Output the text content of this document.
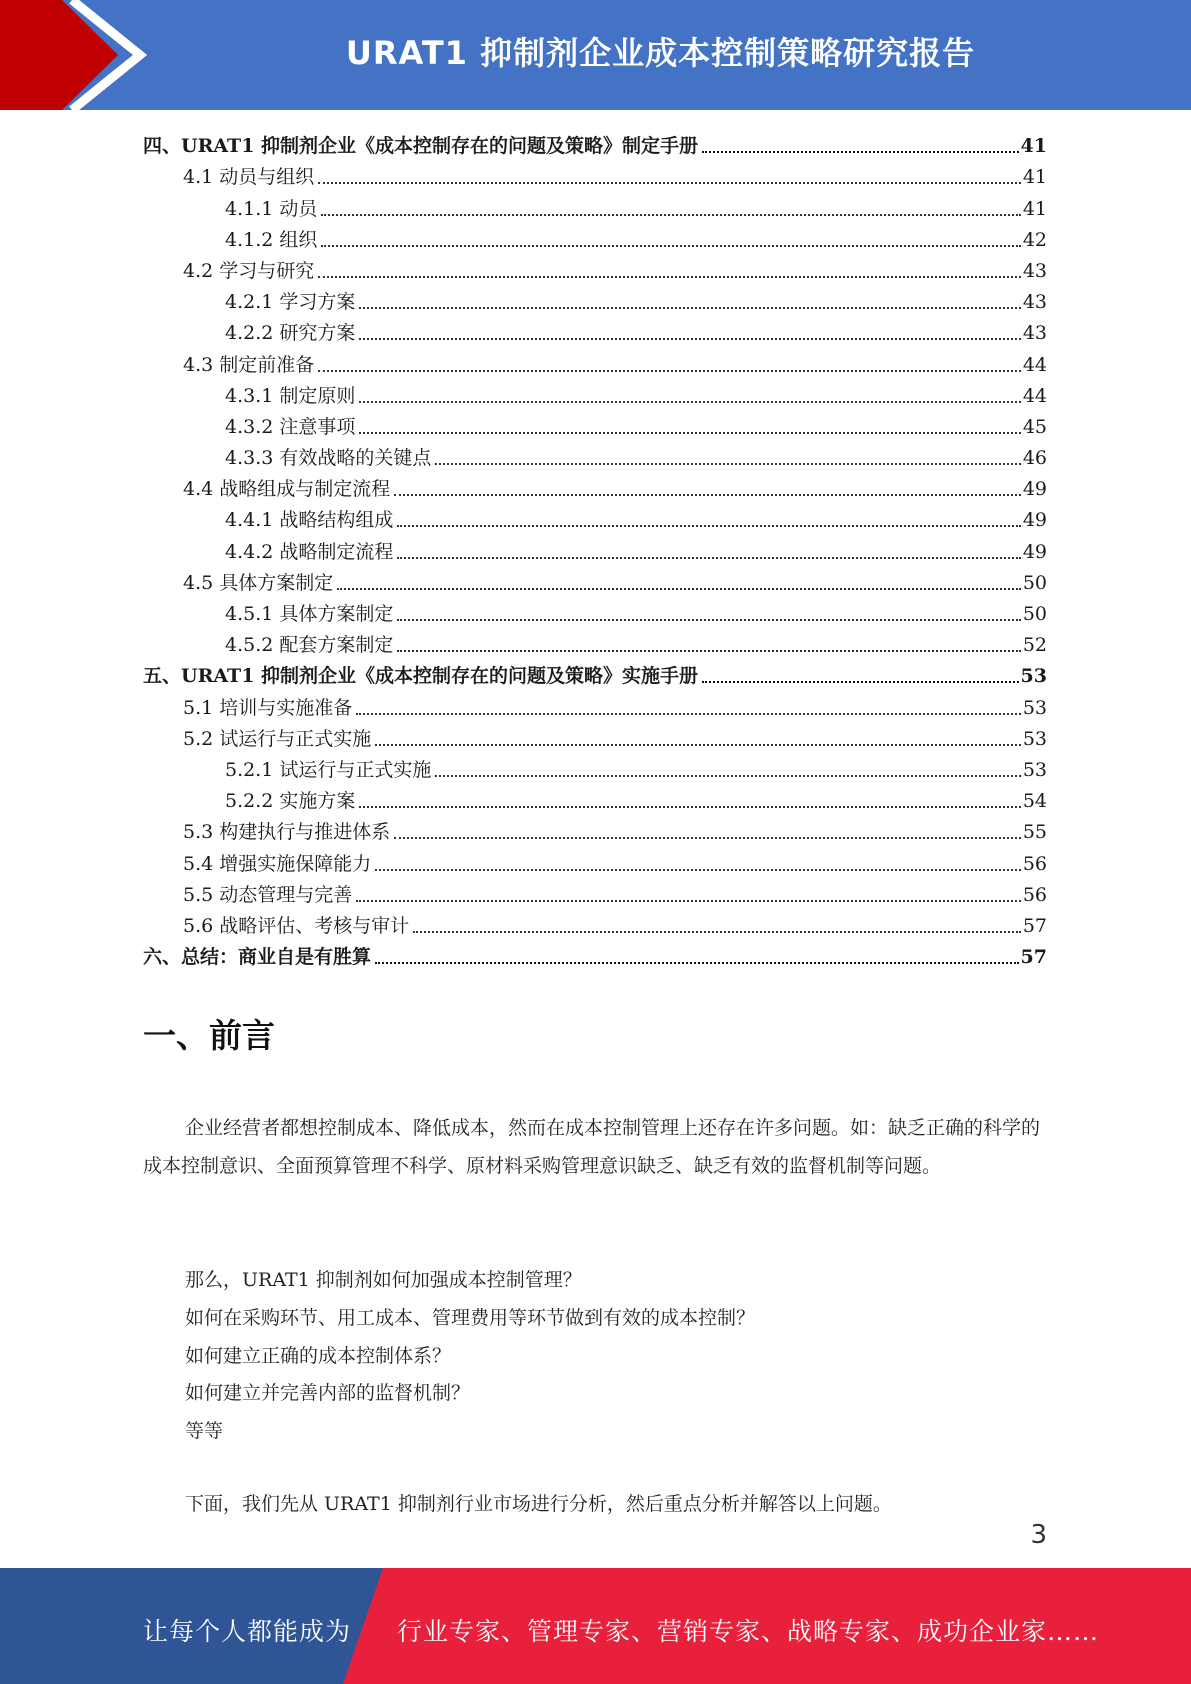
URAT1 抑制剂企业成本控制策略研究报告
四、URAT1 抑制剂企业《成本控制存在的问题及策略》制定手册	41
4.1 动员与组织	41
4.1.1 动员	41
4.1.2 组织	42
4.2 学习与研究	43
4.2.1 学习方案	43
4.2.2 研究方案	43
4.3 制定前准备	44
4.3.1 制定原则	44
4.3.2 注意事项	45
4.3.3 有效战略的关键点	46
4.4 战略组成与制定流程	49
4.4.1 战略结构组成	49
4.4.2 战略制定流程	49
4.5 具体方案制定	50
4.5.1 具体方案制定	50
4.5.2 配套方案制定	52
五、URAT1 抑制剂企业《成本控制存在的问题及策略》实施手册	53
5.1 培训与实施准备	53
5.2 试运行与正式实施	53
5.2.1 试运行与正式实施	53
5.2.2 实施方案	54
5.3 构建执行与推进体系	55
5.4 增强实施保障能力	56
5.5 动态管理与完善	56
5.6 战略评估、考核与审计	57
六、总结：商业自是有胜算	57
一、前言
企业经营者都想控制成本、降低成本，然而在成本控制管理上还存在许多问题。如：缺乏正确的科学的成本控制意识、全面预算管理不科学、原材料采购管理意识缺乏、缺乏有效的监督机制等问题。
那么，URAT1 抑制剂如何加强成本控制管理？
如何在采购环节、用工成本、管理费用等环节做到有效的成本控制？
如何建立正确的成本控制体系？
如何建立并完善内部的监督机制？
等等
下面，我们先从 URAT1 抑制剂行业市场进行分析，然后重点分析并解答以上问题。
3
让每个人都能成为 行业专家、管理专家、营销专家、战略专家、成功企业家……
